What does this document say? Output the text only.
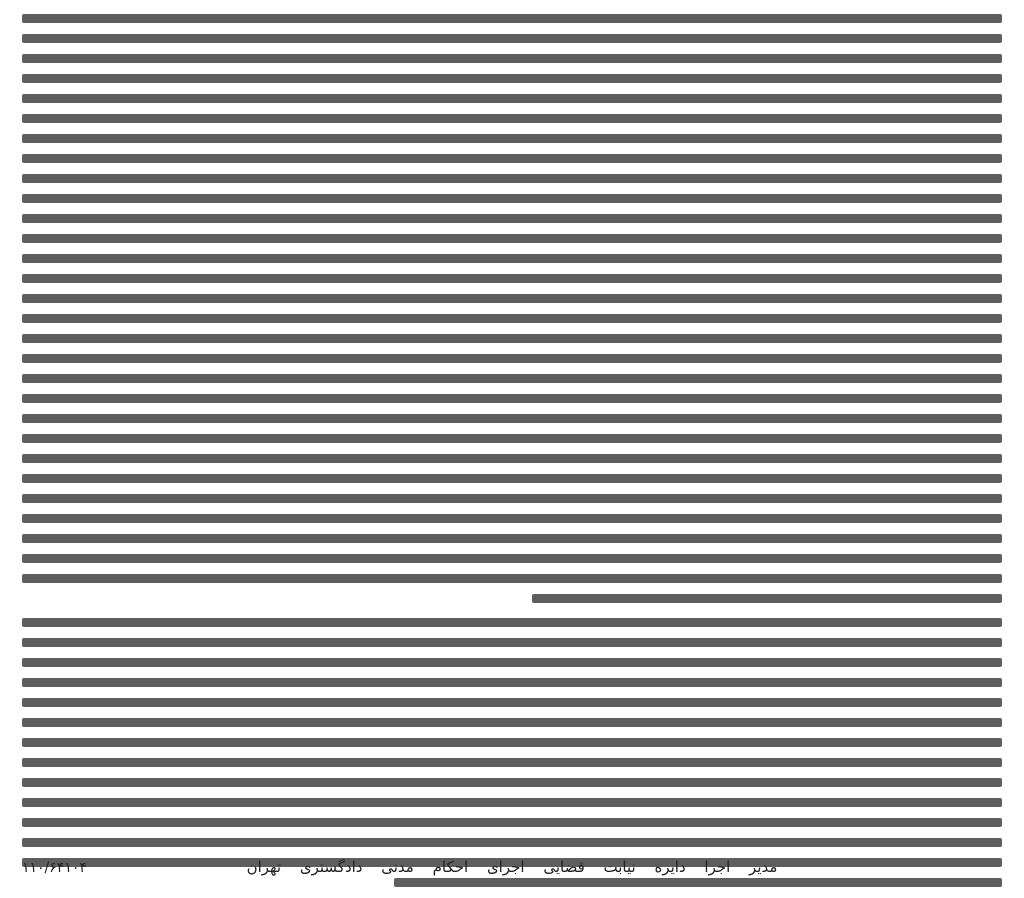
مدیر اجرا دایره نیابت قضایی اجرای احکام مدنی دادگستری تهران
۱۱۰/۶۴۱۰۴
